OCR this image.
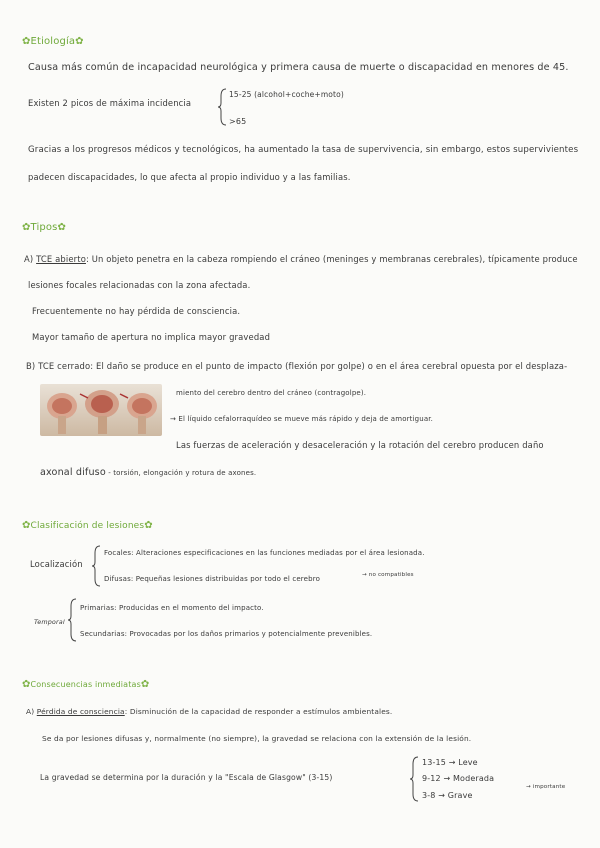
✿Etiología✿
Causa más común de incapacidad neurológica y primera causa de muerte o discapacidad en menores de 45.
Existen 2 picos de máxima incidencia
15-25 (alcohol+coche+moto)
>65
Gracias a los progresos médicos y tecnológicos, ha aumentado la tasa de supervivencia, sin embargo, estos supervivientes
padecen discapacidades, lo que afecta al propio individuo y a las familias.
✿Tipos✿
A) TCE abierto: Un objeto penetra en la cabeza rompiendo el cráneo (meninges y membranas cerebrales), típicamente produce
lesiones focales relacionadas con la zona afectada.
Frecuentemente no hay pérdida de consciencia.
Mayor tamaño de apertura no implica mayor gravedad
B) TCE cerrado: El daño se produce en el punto de impacto (flexión por golpe) o en el área cerebral opuesta por el desplaza-
miento del cerebro dentro del cráneo (contragolpe).
→ El líquido cefalorraquídeo se mueve más rápido y deja de amortiguar.
Las fuerzas de aceleración y desaceleración y la rotación del cerebro producen daño
axonal difuso - torsión, elongación y rotura de axones.
✿Clasificación de lesiones✿
Localización
Focales: Alteraciones especificaciones en las funciones mediadas por el área lesionada.
Difusas: Pequeñas lesiones distribuidas por todo el cerebro	→ no compatibles
Temporal
Primarias: Producidas en el momento del impacto.
Secundarias: Provocadas por los daños primarios y potencialmente prevenibles.
✿Consecuencias inmediatas✿
A) Pérdida de consciencia: Disminución de la capacidad de responder a estímulos ambientales.
Se da por lesiones difusas y, normalmente (no siempre), la gravedad se relaciona con la extensión de la lesión.
La gravedad se determina por la duración y la "Escala de Glasgow" (3-15)
13-15 → Leve
9-12 → Moderada
3-8 → Grave
→ importante
